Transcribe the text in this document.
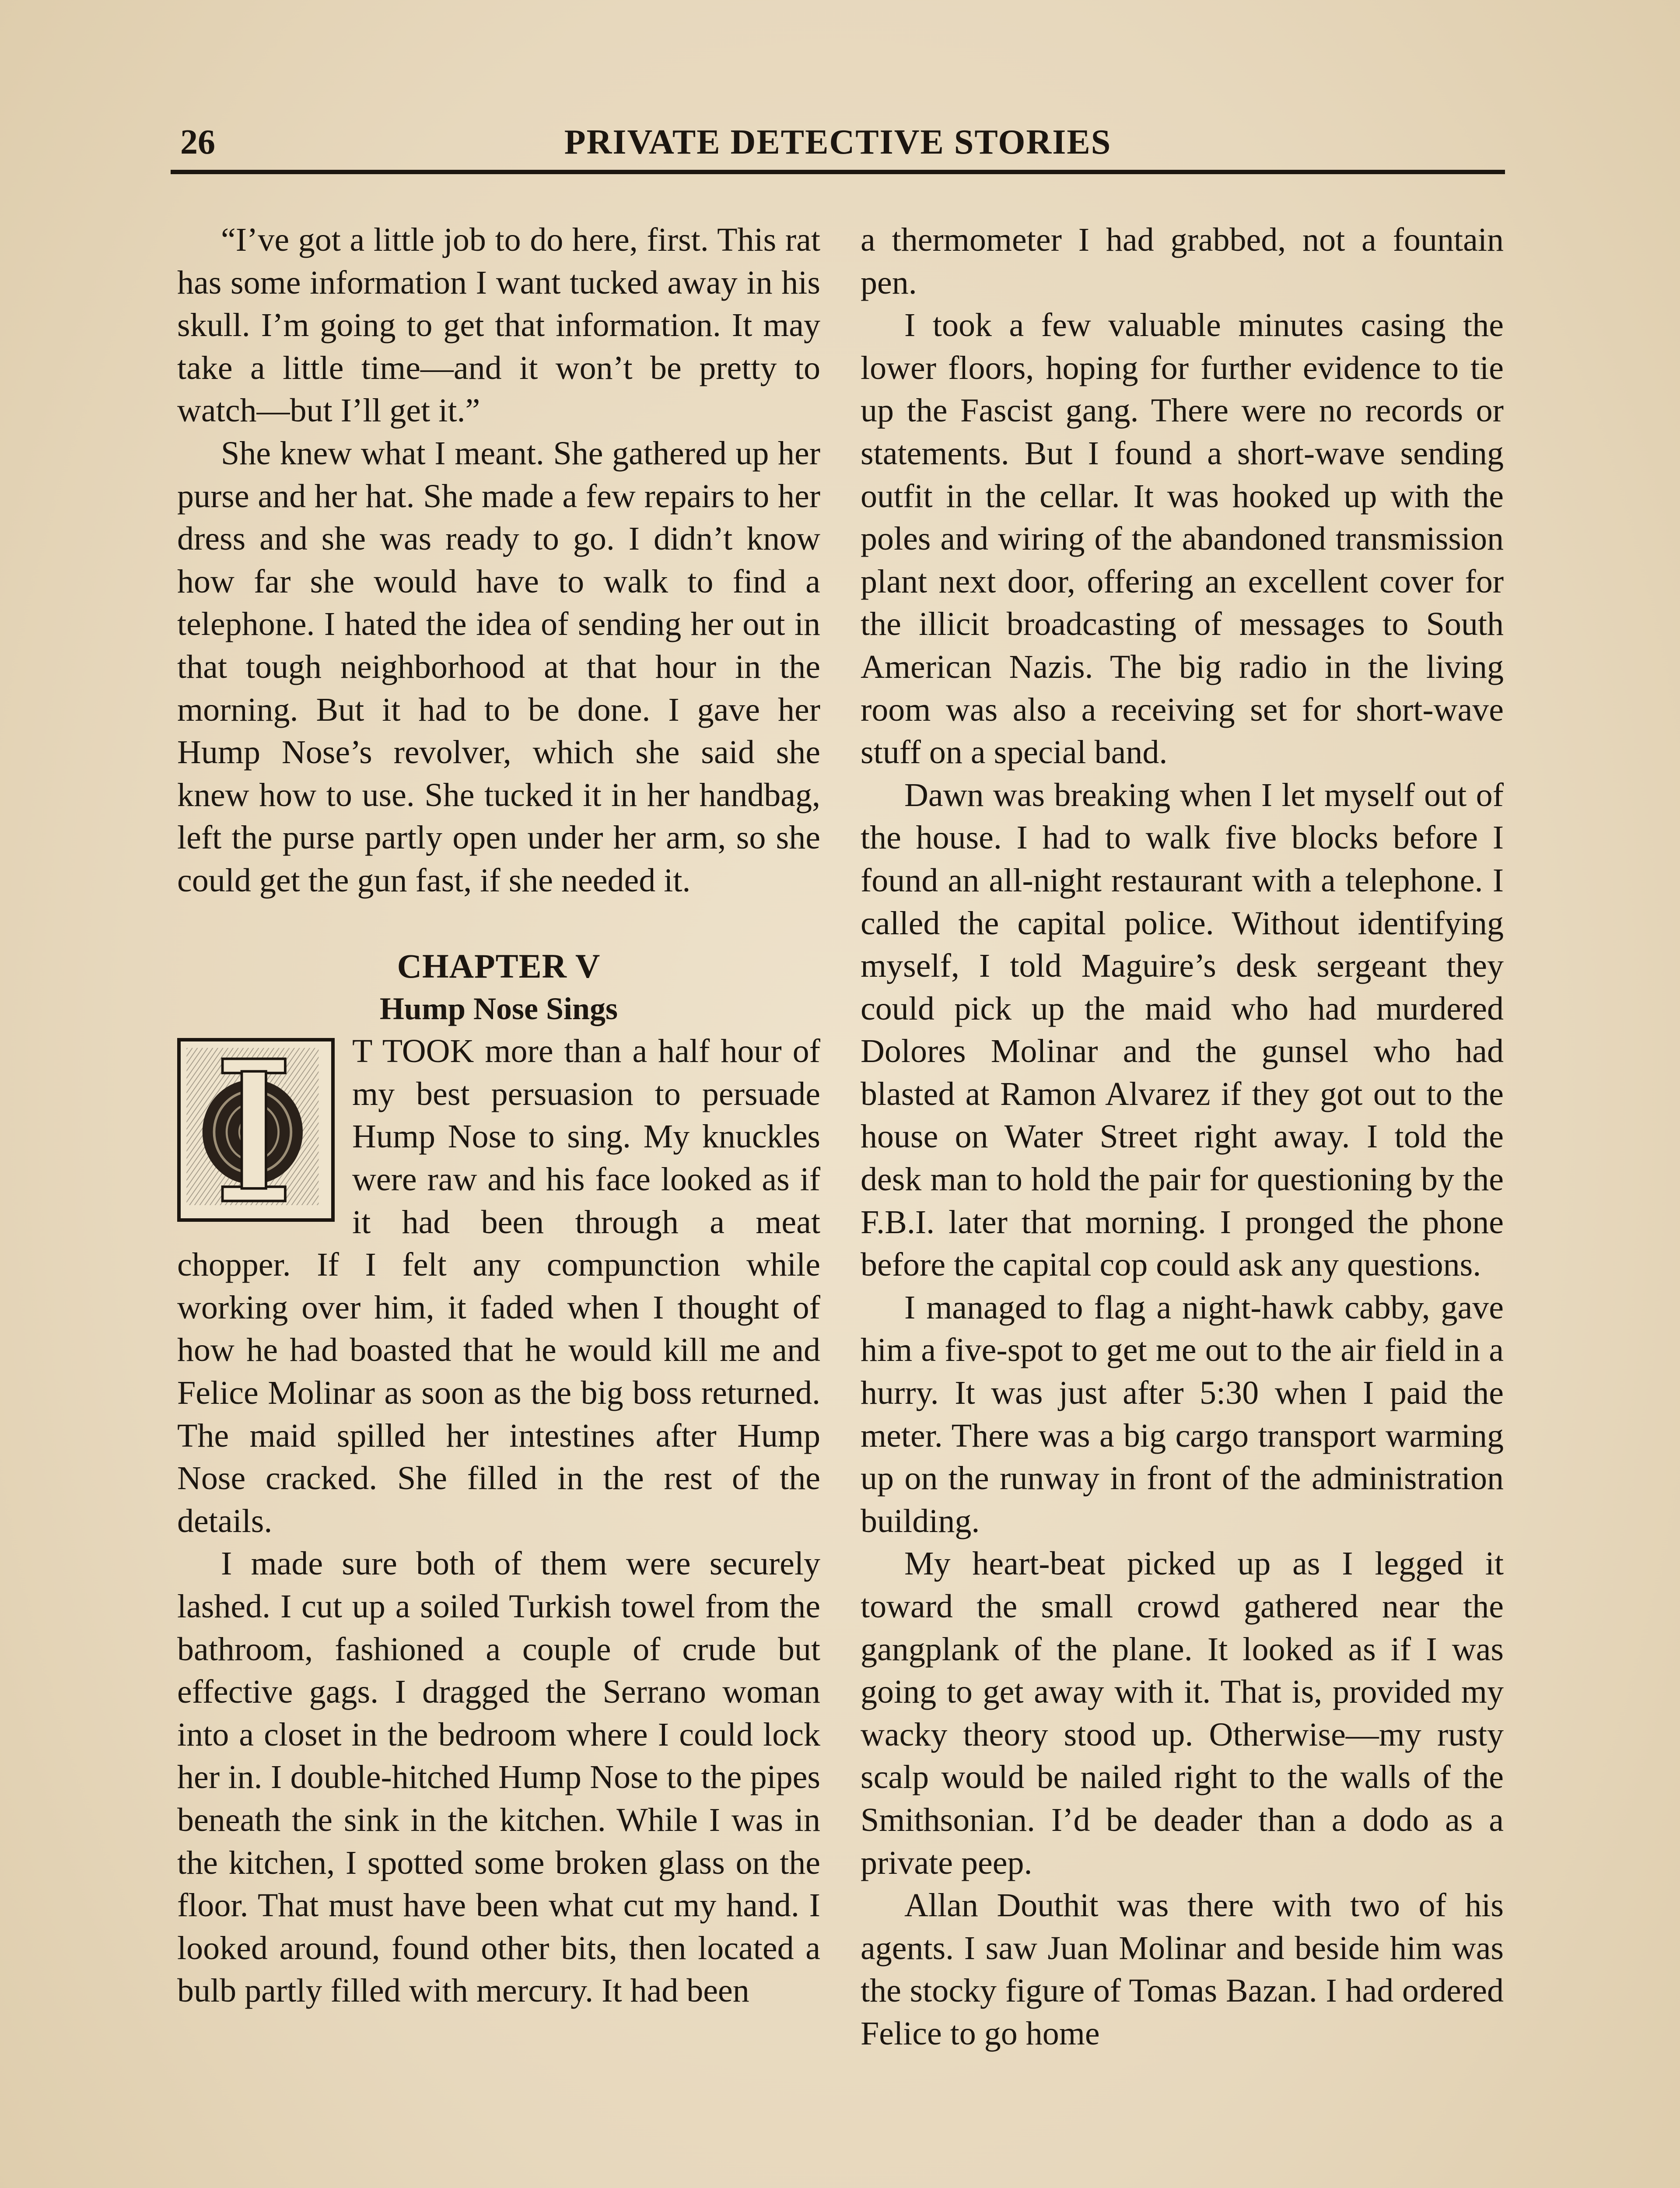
26	PRIVATE DETECTIVE STORIES

“I’ve got a little job to do here, first. This rat has some information I want tucked away in his skull. I’m going to get that information. It may take a little time—and it won’t be pretty to watch—but I’ll get it.”

She knew what I meant. She gathered up her purse and her hat. She made a few repairs to her dress and she was ready to go. I didn’t know how far she would have to walk to find a telephone. I hated the idea of sending her out in that tough neighborhood at that hour in the morning. But it had to be done. I gave her Hump Nose’s revolver, which she said she knew how to use. She tucked it in her handbag, left the purse partly open under her arm, so she could get the gun fast, if she needed it.

CHAPTER V
Hump Nose Sings

T TOOK more than a half hour of my best persuasion to persuade Hump Nose to sing. My knuckles were raw and his face looked as if it had been through a meat chopper. If I felt any compunction while working over him, it faded when I thought of how he had boasted that he would kill me and Felice Molinar as soon as the big boss returned. The maid spilled her intestines after Hump Nose cracked. She filled in the rest of the details.

I made sure both of them were securely lashed. I cut up a soiled Turkish towel from the bathroom, fashioned a couple of crude but effective gags. I dragged the Serrano woman into a closet in the bedroom where I could lock her in. I double-hitched Hump Nose to the pipes beneath the sink in the kitchen. While I was in the kitchen, I spotted some broken glass on the floor. That must have been what cut my hand. I looked around, found other bits, then located a bulb partly filled with mercury. It had been

a thermometer I had grabbed, not a fountain pen.

I took a few valuable minutes casing the lower floors, hoping for further evidence to tie up the Fascist gang. There were no records or statements. But I found a short-wave sending outfit in the cellar. It was hooked up with the poles and wiring of the abandoned transmission plant next door, offering an excellent cover for the illicit broadcasting of messages to South American Nazis. The big radio in the living room was also a receiving set for short-wave stuff on a special band.

Dawn was breaking when I let myself out of the house. I had to walk five blocks before I found an all-night restaurant with a telephone. I called the capital police. Without identifying myself, I told Maguire’s desk sergeant they could pick up the maid who had murdered Dolores Molinar and the gunsel who had blasted at Ramon Alvarez if they got out to the house on Water Street right away. I told the desk man to hold the pair for questioning by the F.B.I. later that morning. I pronged the phone before the capital cop could ask any questions.

I managed to flag a night-hawk cabby, gave him a five-spot to get me out to the air field in a hurry. It was just after 5:30 when I paid the meter. There was a big cargo transport warming up on the runway in front of the administration building.

My heart-beat picked up as I legged it toward the small crowd gathered near the gangplank of the plane. It looked as if I was going to get away with it. That is, provided my wacky theory stood up. Otherwise—my rusty scalp would be nailed right to the walls of the Smithsonian. I’d be deader than a dodo as a private peep.

Allan Douthit was there with two of his agents. I saw Juan Molinar and beside him was the stocky figure of Tomas Bazan. I had ordered Felice to go home
